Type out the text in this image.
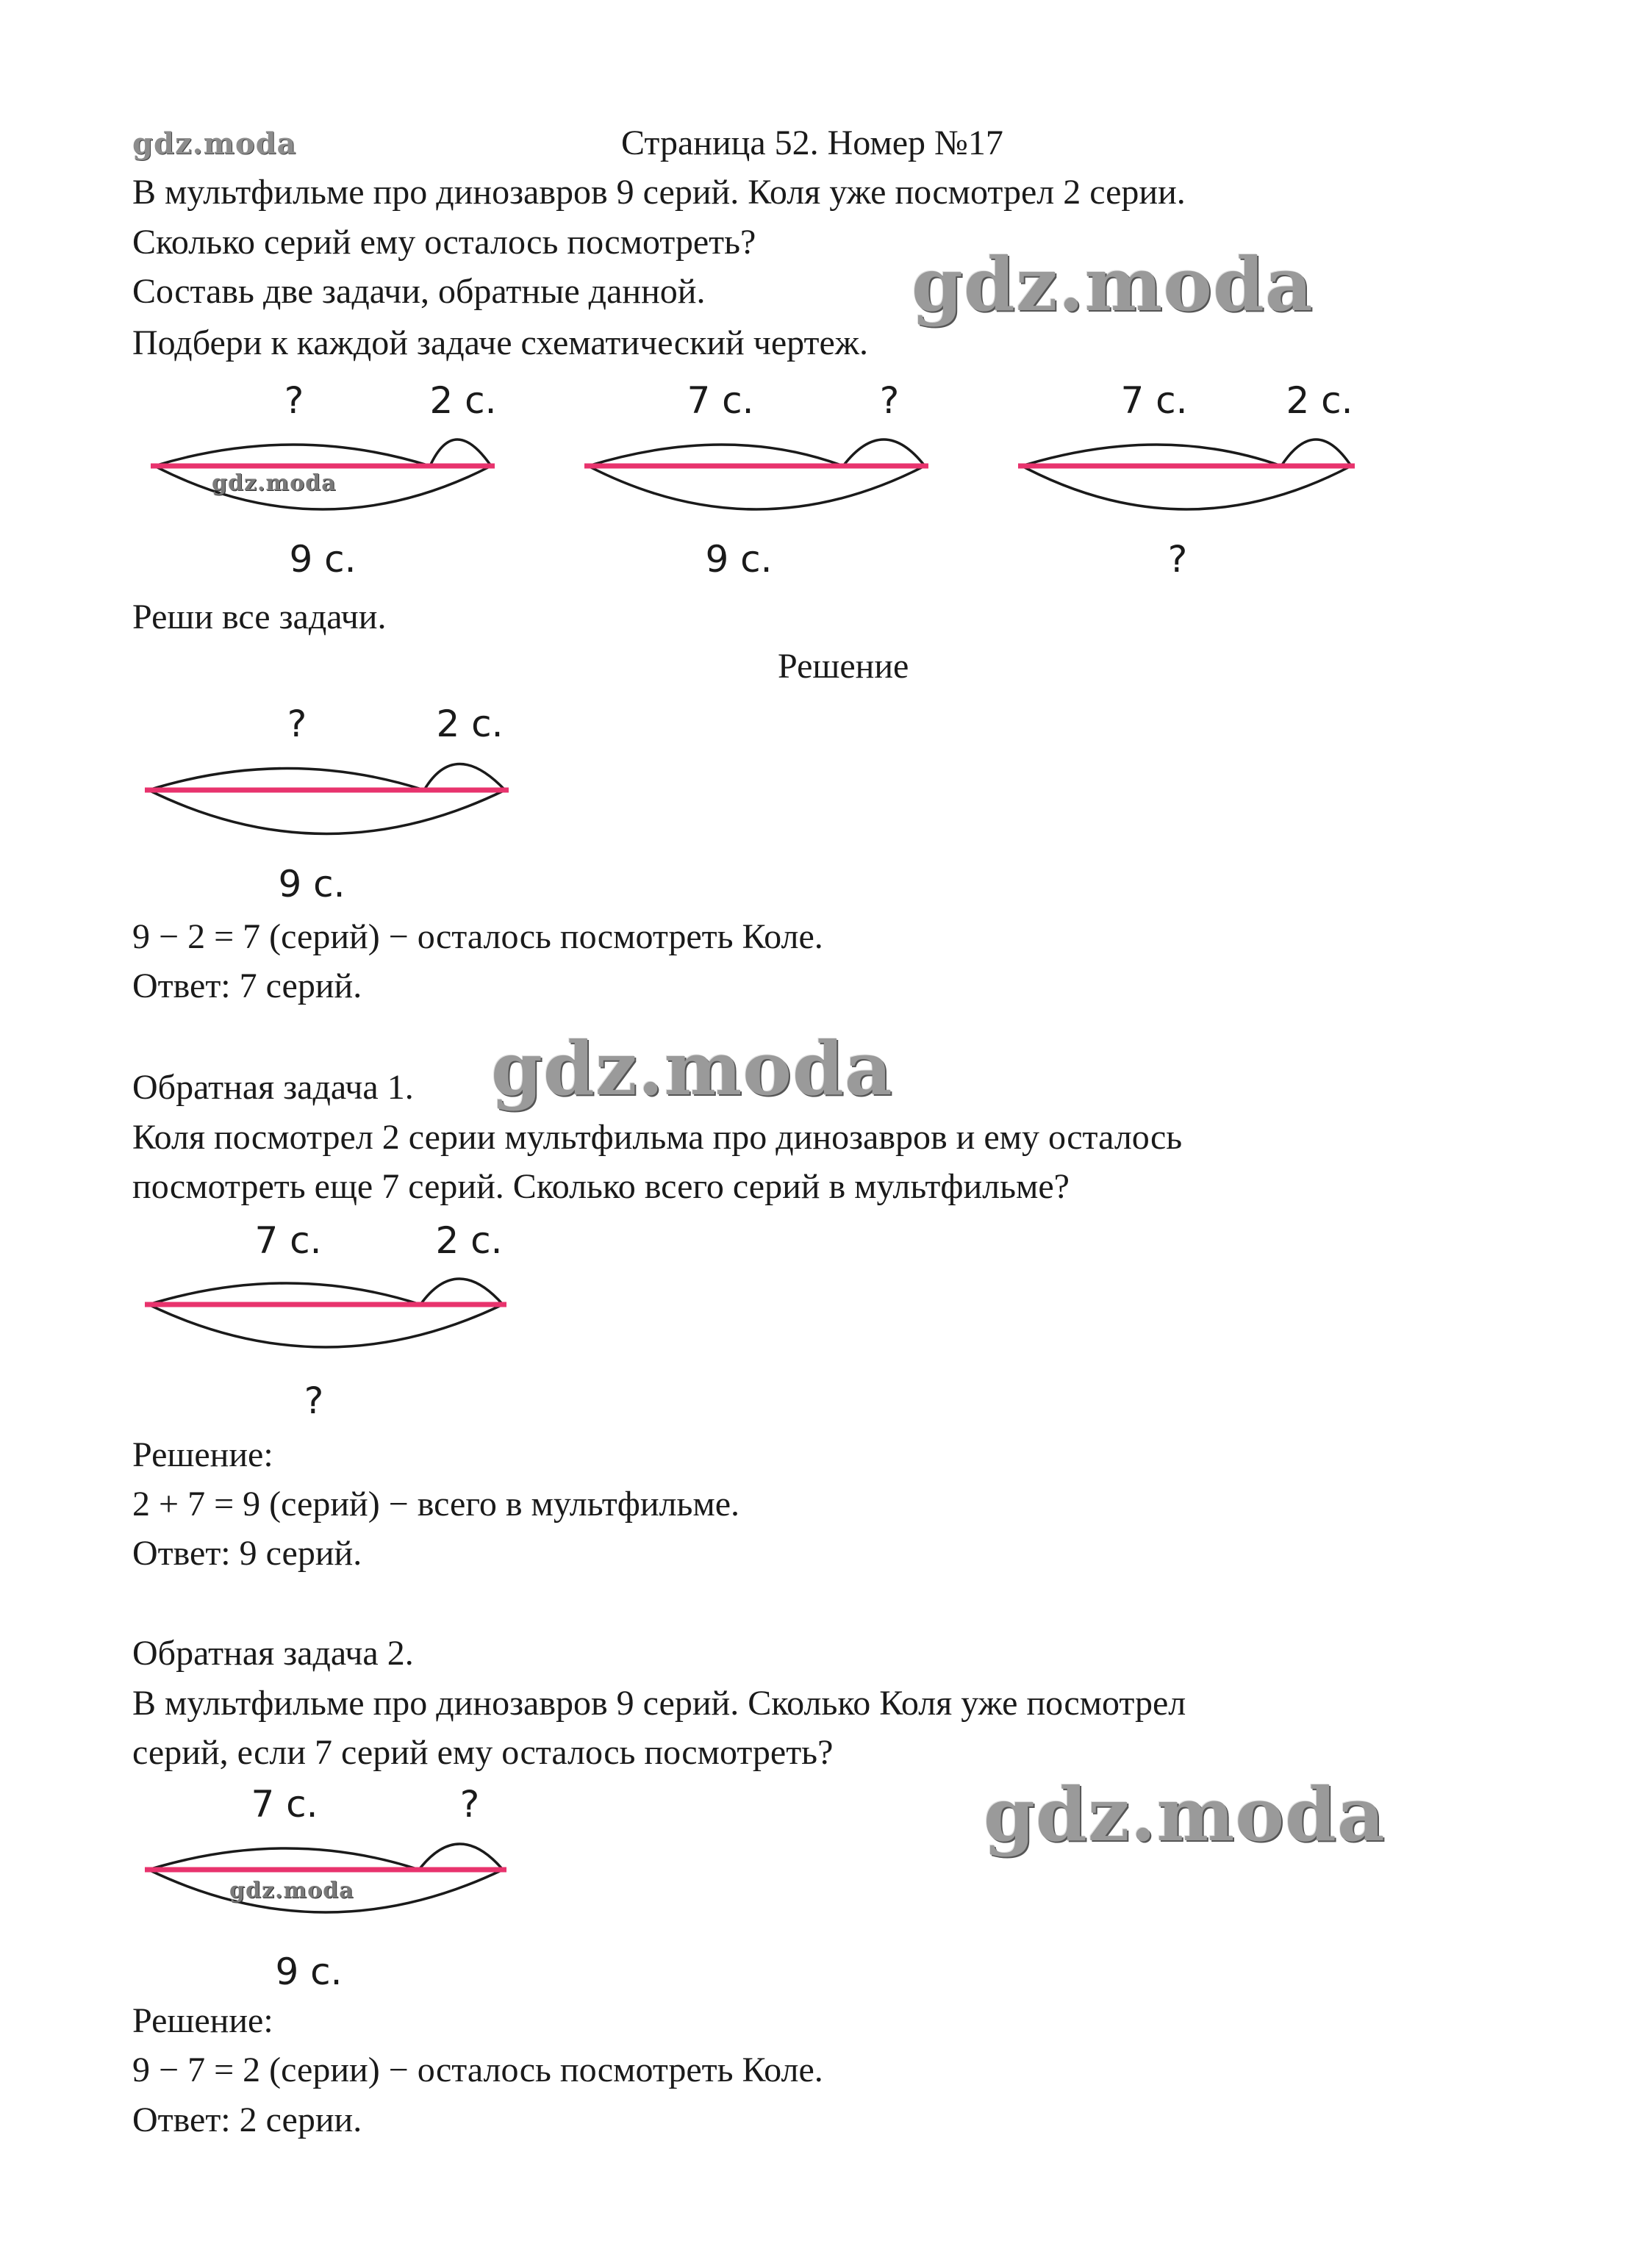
gdz.moda	Страница 52. Номер №17
В мультфильме про динозавров 9 серий. Коля уже посмотрел 2 серии.
Сколько серий ему осталось посмотреть?
Составь две задачи, обратные данной.
Подбери к каждой задаче схематический чертеж.
gdz.moda
?	2 с.
9 с.
gdz.moda
7 с.	?
9 с.
7 с.	2 с.
?
Реши все задачи.
Решение
?	2 с.
9 с.
9 − 2 = 7 (серий) − осталось посмотреть Коле.
Ответ: 7 серий.
Обратная задача 1. gdz.moda
Коля посмотрел 2 серии мультфильма про динозавров и ему осталось
посмотреть еще 7 серий. Сколько всего серий в мультфильме?
7 с.	2 с.
?
Решение:
2 + 7 = 9 (серий) − всего в мультфильме.
Ответ: 9 серий.
Обратная задача 2.
В мультфильме про динозавров 9 серий. Сколько Коля уже посмотрел
серий, если 7 серий ему осталось посмотреть?
gdz.moda
7 с.	?
9 с.
gdz.moda
Решение:
9 − 7 = 2 (серии) − осталось посмотреть Коле.
Ответ: 2 серии.
